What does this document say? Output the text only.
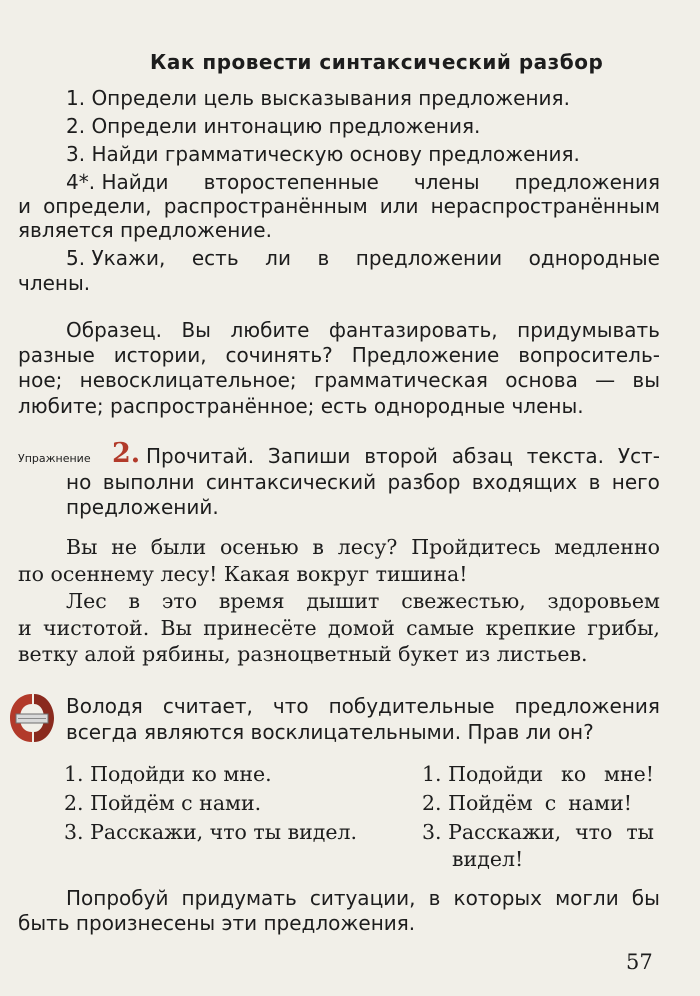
Как провести синтаксический разбор
1. Определи цель высказывания предложения.
2. Определи интонацию предложения.
3. Найди грамматическую основу предложения.
4*. Найди второстепенные члены предложения
и определи, распространённым или нераспространённым
является предложение.
5. Укажи, есть ли в предложении однородные
члены.
Образец. Вы любите фантазировать, придумывать
разные истории, сочинять? Предложение вопроситель-
ное; невосклицательное; грамматическая основа — вы
любите; распространённое; есть однородные члены.
Упражнение 2. Прочитай. Запиши второй абзац текста. Уст-
но выполни синтаксический разбор входящих в него
предложений.
Вы не были осенью в лесу? Пройдитесь медленно
по осеннему лесу! Какая вокруг тишина!
Лес в это время дышит свежестью, здоровьем
и чистотой. Вы принесёте домой самые крепкие грибы,
ветку алой рябины, разноцветный букет из листьев.
Володя считает, что побудительные предложения
всегда являются восклицательными. Прав ли он?
1. Подойди ко мне.
2. Пойдём с нами.
3. Расскажи, что ты видел.
1. Подойди ко мне!
2. Пойдём с нами!
3. Расскажи, что ты
видел!
Попробуй придумать ситуации, в которых могли бы
быть произнесены эти предложения.
57
